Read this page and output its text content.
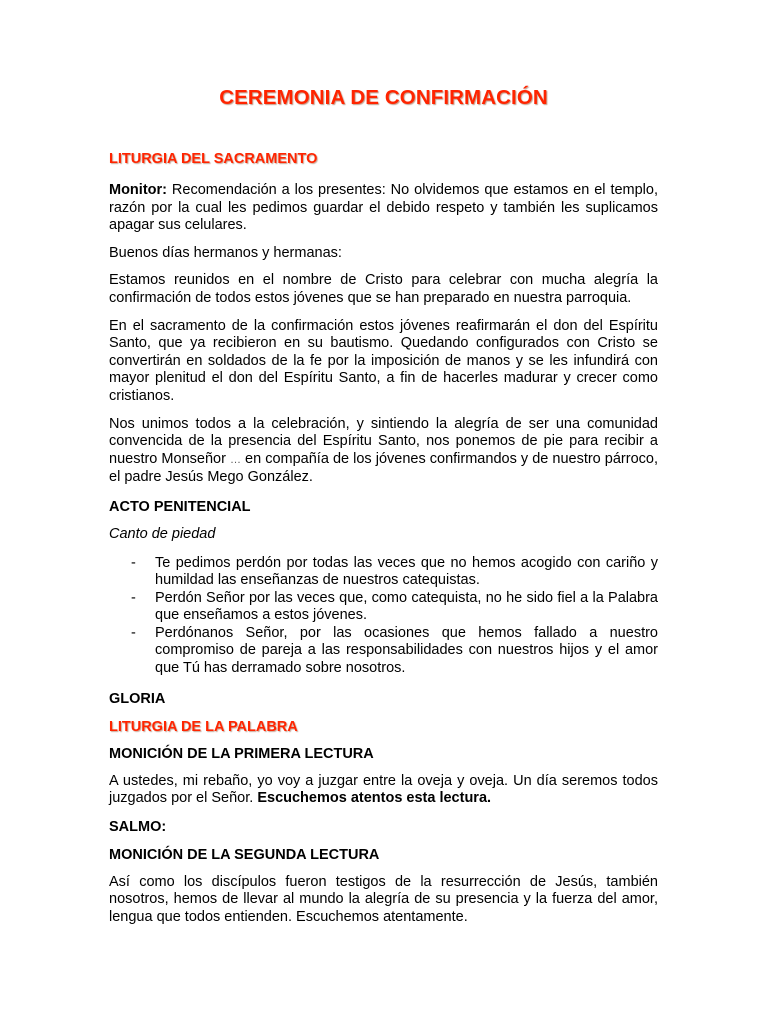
CEREMONIA DE CONFIRMACIÓN
LITURGIA DEL SACRAMENTO

Monitor: Recomendación a los presentes: No olvidemos que estamos en el templo, razón por la cual les pedimos guardar el debido respeto y también les suplicamos apagar sus celulares.

Buenos días hermanos y hermanas:

Estamos reunidos en el nombre de Cristo para celebrar con mucha alegría la confirmación de todos estos jóvenes que se han preparado en nuestra parroquia.

En el sacramento de la confirmación estos jóvenes reafirmarán el don del Espíritu Santo, que ya recibieron en su bautismo. Quedando configurados con Cristo se convertirán en soldados de la fe por la imposición de manos y se les infundirá con mayor plenitud el don del Espíritu Santo, a fin de hacerles madurar y crecer como cristianos.

Nos unimos todos a la celebración, y sintiendo la alegría de ser una comunidad convencida de la presencia del Espíritu Santo, nos ponemos de pie para recibir a nuestro Monseñor … en compañía de los jóvenes confirmandos y de nuestro párroco, el padre Jesús Mego González.

ACTO PENITENCIAL

Canto de piedad

- Te pedimos perdón por todas las veces que no hemos acogido con cariño y humildad las enseñanzas de nuestros catequistas.
- Perdón Señor por las veces que, como catequista, no he sido fiel a la Palabra que enseñamos a estos jóvenes.
- Perdónanos Señor, por las ocasiones que hemos fallado a nuestro compromiso de pareja a las responsabilidades con nuestros hijos y el amor que Tú has derramado sobre nosotros.
GLORIA
LITURGIA DE LA PALABRA
MONICIÓN DE LA PRIMERA LECTURA

A ustedes, mi rebaño, yo voy a juzgar entre la oveja y oveja. Un día seremos todos juzgados por el Señor. Escuchemos atentos esta lectura.

SALMO:
MONICIÓN DE LA SEGUNDA LECTURA

Así como los discípulos fueron testigos de la resurrección de Jesús, también nosotros, hemos de llevar al mundo la alegría de su presencia y la fuerza del amor, lengua que todos entienden. Escuchemos atentamente.
